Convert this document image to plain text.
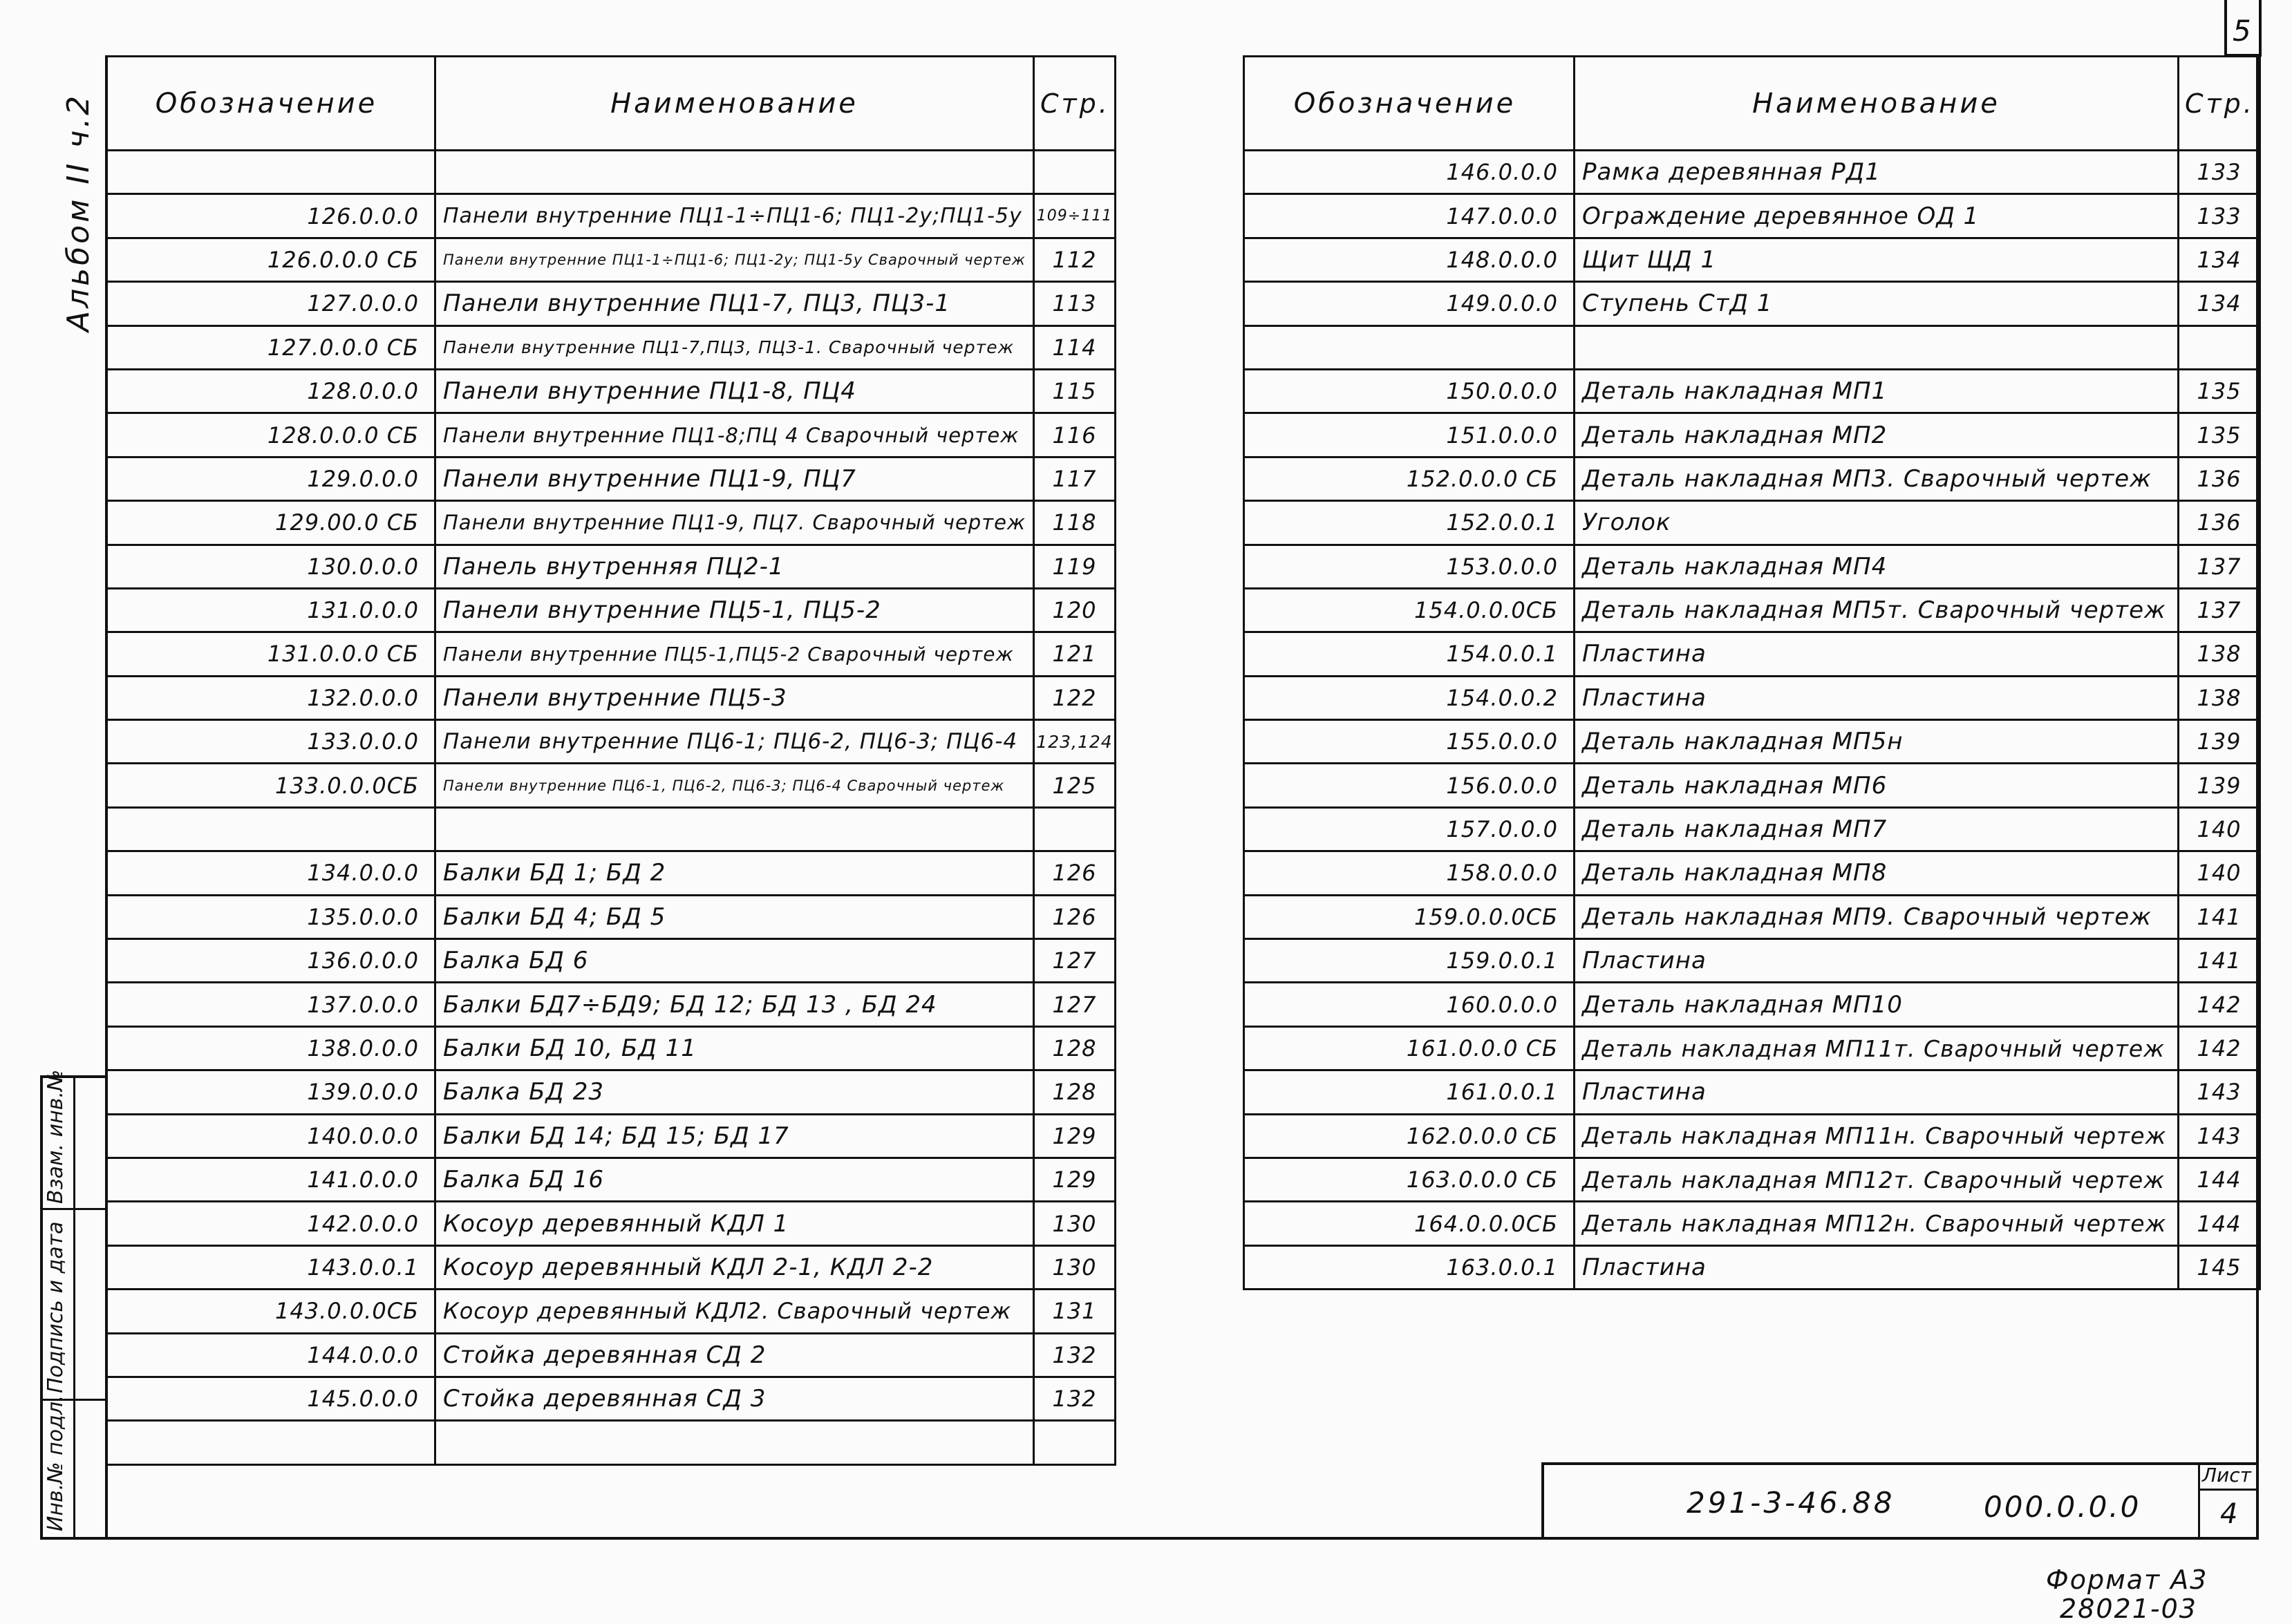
5
Альбом II ч.2
Инв.№ подл.
Подпись и дата
Взам. инв.№
Обозначение	Наименование	Стр.

126.0.0.0	Панели внутренние ПЦ1-1÷ПЦ1-6; ПЦ1-2у;ПЦ1-5у	109÷111
126.0.0.0 СБ	Панели внутренние ПЦ1-1÷ПЦ1-6; ПЦ1-2у; ПЦ1-5у Сварочный чертеж	112
127.0.0.0	Панели внутренние ПЦ1-7, ПЦ3, ПЦ3-1	113
127.0.0.0 СБ	Панели внутренние ПЦ1-7,ПЦ3, ПЦ3-1. Сварочный чертеж	114
128.0.0.0	Панели внутренние ПЦ1-8, ПЦ4	115
128.0.0.0 СБ	Панели внутренние ПЦ1-8;ПЦ 4 Сварочный чертеж	116
129.0.0.0	Панели внутренние ПЦ1-9, ПЦ7	117
129.00.0 СБ	Панели внутренние ПЦ1-9, ПЦ7. Сварочный чертеж	118
130.0.0.0	Панель внутренняя ПЦ2-1	119
131.0.0.0	Панели внутренние ПЦ5-1, ПЦ5-2	120
131.0.0.0 СБ	Панели внутренние ПЦ5-1,ПЦ5-2 Сварочный чертеж	121
132.0.0.0	Панели внутренние ПЦ5-3	122
133.0.0.0	Панели внутренние ПЦ6-1; ПЦ6-2, ПЦ6-3; ПЦ6-4	123,124
133.0.0.0СБ	Панели внутренние ПЦ6-1, ПЦ6-2, ПЦ6-3; ПЦ6-4 Сварочный чертеж	125

134.0.0.0	Балки БД 1; БД 2	126
135.0.0.0	Балки БД 4; БД 5	126
136.0.0.0	Балка БД 6	127
137.0.0.0	Балки БД7÷БД9; БД 12; БД 13 , БД 24	127
138.0.0.0	Балки БД 10, БД 11	128
139.0.0.0	Балка БД 23	128
140.0.0.0	Балки БД 14; БД 15; БД 17	129
141.0.0.0	Балка БД 16	129
142.0.0.0	Косоур деревянный КДЛ 1	130
143.0.0.1	Косоур деревянный КДЛ 2-1, КДЛ 2-2	130
143.0.0.0СБ	Косоур деревянный КДЛ2. Сварочный чертеж	131
144.0.0.0	Стойка деревянная СД 2	132
145.0.0.0	Стойка деревянная СД 3	132

Обозначение	Наименование	Стр.
146.0.0.0	Рамка деревянная РД1	133
147.0.0.0	Ограждение деревянное ОД 1	133
148.0.0.0	Щит ЩД 1	134
149.0.0.0	Ступень СтД 1	134

150.0.0.0	Деталь накладная МП1	135
151.0.0.0	Деталь накладная МП2	135
152.0.0.0 СБ	Деталь накладная МП3. Сварочный чертеж	136
152.0.0.1	Уголок	136
153.0.0.0	Деталь накладная МП4	137
154.0.0.0СБ	Деталь накладная МП5т. Сварочный чертеж	137
154.0.0.1	Пластина	138
154.0.0.2	Пластина	138
155.0.0.0	Деталь накладная МП5н	139
156.0.0.0	Деталь накладная МП6	139
157.0.0.0	Деталь накладная МП7	140
158.0.0.0	Деталь накладная МП8	140
159.0.0.0СБ	Деталь накладная МП9. Сварочный чертеж	141
159.0.0.1	Пластина	141
160.0.0.0	Деталь накладная МП10	142
161.0.0.0 СБ	Деталь накладная МП11т. Сварочный чертеж	142
161.0.0.1	Пластина	143
162.0.0.0 СБ	Деталь накладная МП11н. Сварочный чертеж	143
163.0.0.0 СБ	Деталь накладная МП12т. Сварочный чертеж	144
164.0.0.0СБ	Деталь накладная МП12н. Сварочный чертеж	144
163.0.0.1	Пластина	145
291-3-46.88	000.0.0.0
Лист
4
Формат А3
28021-03
